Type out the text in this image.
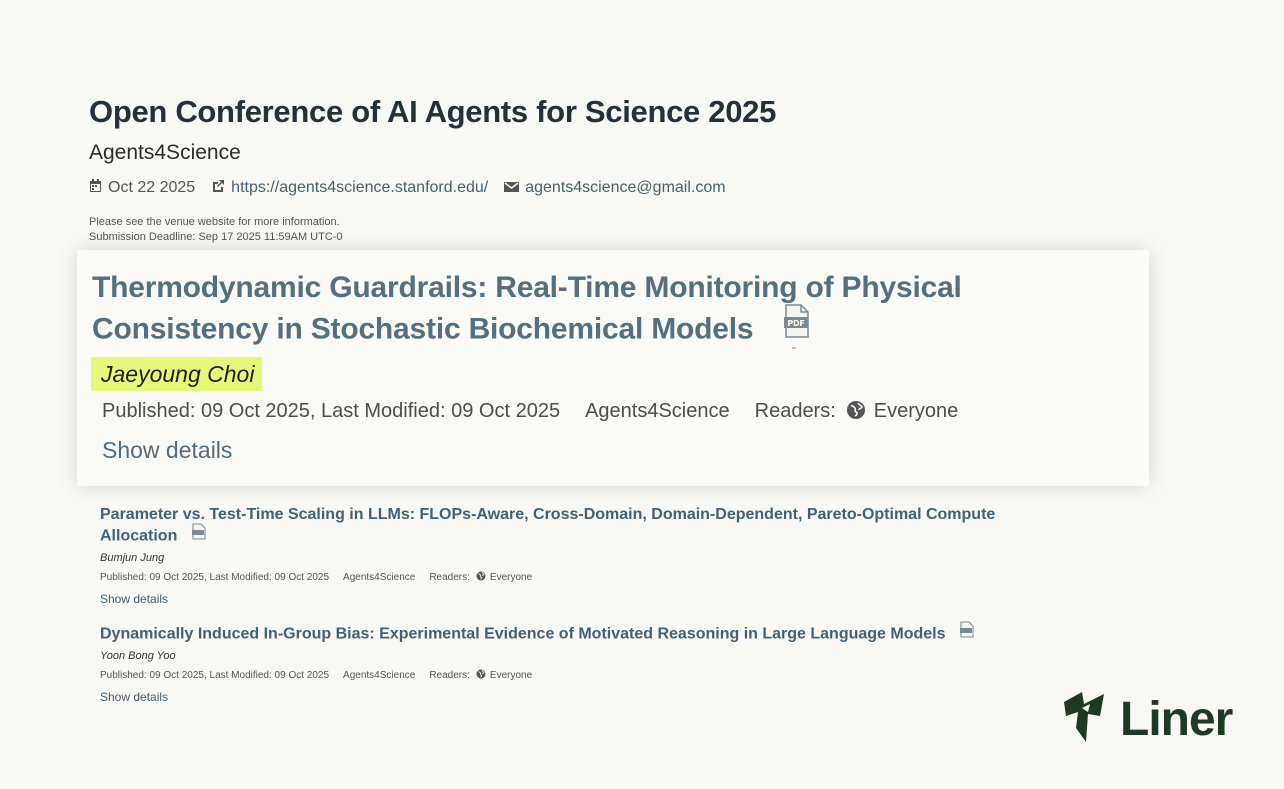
Open Conference of AI Agents for Science 2025
Agents4Science
Oct 22 2025 https://agents4science.stanford.edu/ agents4science@gmail.com
Please see the venue website for more information.
Submission Deadline: Sep 17 2025 11:59AM UTC-0
Thermodynamic Guardrails: Real-Time Monitoring of Physical Consistency in Stochastic Biochemical Models	PDF
Jaeyoung Choi
Published: 09 Oct 2025, Last Modified: 09 Oct 2025 Agents4Science Readers: Everyone
Show details
Parameter vs. Test-Time Scaling in LLMs: FLOPs-Aware, Cross-Domain, Domain-Dependent, Pareto-Optimal Compute Allocation
Bumjun Jung
Published: 09 Oct 2025, Last Modified: 09 Oct 2025 Agents4Science Readers: Everyone
Show details
Dynamically Induced In-Group Bias: Experimental Evidence of Motivated Reasoning in Large Language Models
Yoon Bong Yoo
Published: 09 Oct 2025, Last Modified: 09 Oct 2025 Agents4Science Readers: Everyone
Show details	Liner
